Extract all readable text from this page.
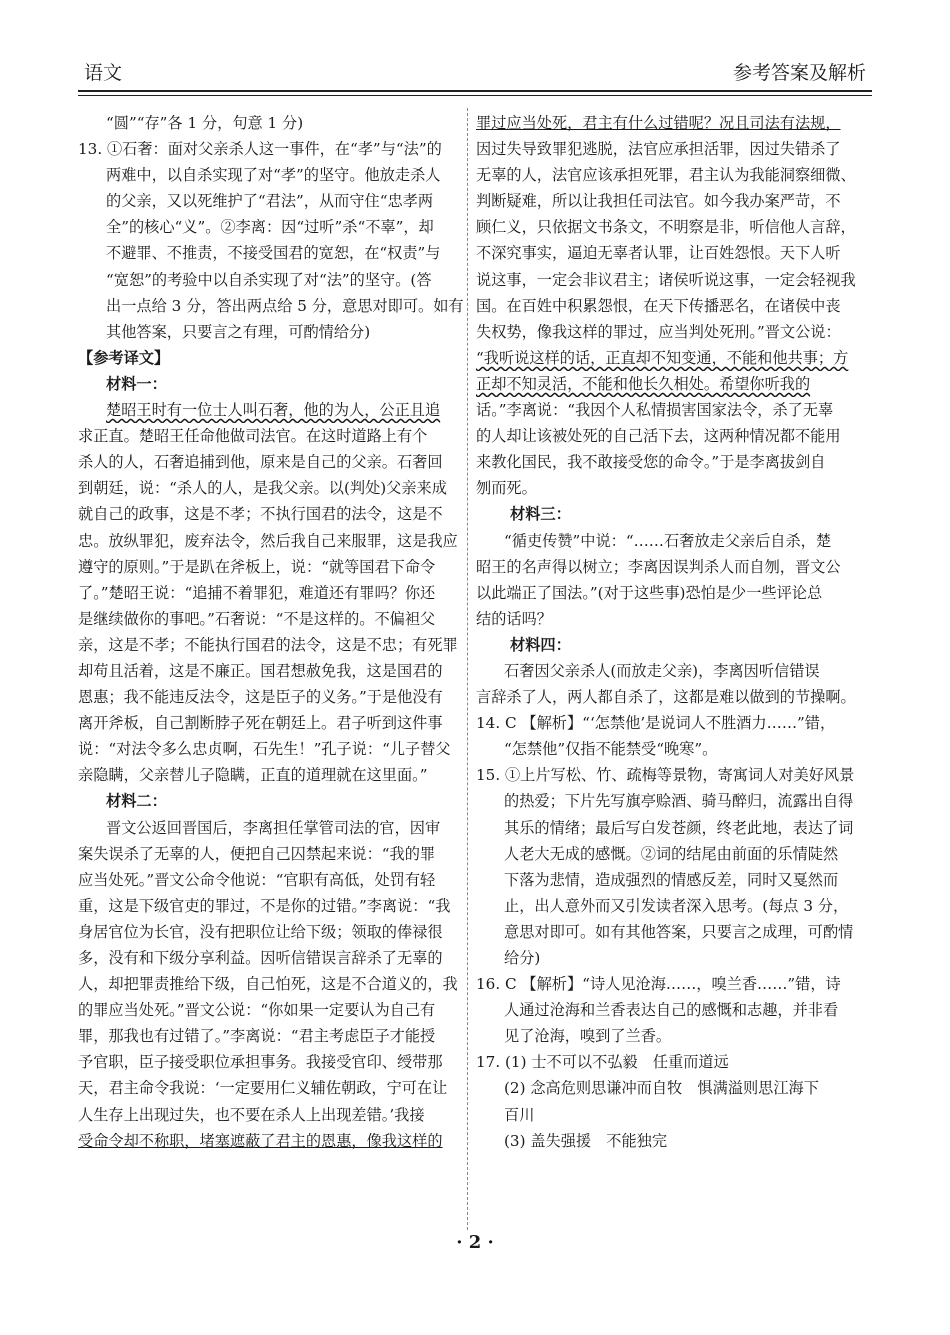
语文	参考答案及解析
“圆”“存”各 1 分，句意 1 分)
13. ①石奢：面对父亲杀人这一事件，在“孝”与“法”的
两难中，以自杀实现了对“孝”的坚守。他放走杀人
的父亲，又以死维护了“君法”，从而守住“忠孝两
全”的核心“义”。②李离：因“过听”杀“不辜”，却
不避罪、不推责，不接受国君的宽恕，在“权责”与
“宽恕”的考验中以自杀实现了对“法”的坚守。(答
出一点给 3 分，答出两点给 5 分，意思对即可。如有
其他答案，只要言之有理，可酌情给分)
【参考译文】
材料一：
楚昭王时有一位士人叫石奢，他的为人，公正且追
求正直。楚昭王任命他做司法官。在这时道路上有个
杀人的人，石奢追捕到他，原来是自己的父亲。石奢回
到朝廷，说：“杀人的人，是我父亲。以(判处)父亲来成
就自己的政事，这是不孝；不执行国君的法令，这是不
忠。放纵罪犯，废弃法令，然后我自己来服罪，这是我应
遵守的原则。”于是趴在斧板上，说：“就等国君下命令
了。”楚昭王说：“追捕不着罪犯，难道还有罪吗？你还
是继续做你的事吧。”石奢说：“不是这样的。不偏袒父
亲，这是不孝；不能执行国君的法令，这是不忠；有死罪
却苟且活着，这是不廉正。国君想赦免我，这是国君的
恩惠；我不能违反法令，这是臣子的义务。”于是他没有
离开斧板，自己割断脖子死在朝廷上。君子听到这件事
说：“对法令多么忠贞啊，石先生！”孔子说：“儿子替父
亲隐瞒，父亲替儿子隐瞒，正直的道理就在这里面。”
材料二：
晋文公返回晋国后，李离担任掌管司法的官，因审
案失误杀了无辜的人，便把自己囚禁起来说：“我的罪
应当处死。”晋文公命令他说：“官职有高低，处罚有轻
重，这是下级官吏的罪过，不是你的过错。”李离说：“我
身居官位为长官，没有把职位让给下级；领取的俸禄很
多，没有和下级分享利益。因听信错误言辞杀了无辜的
人，却把罪责推给下级，自己怕死，这是不合道义的，我
的罪应当处死。”晋文公说：“你如果一定要认为自己有
罪，那我也有过错了。”李离说：“君主考虑臣子才能授
予官职，臣子接受职位承担事务。我接受官印、绶带那
天，君主命令我说：‘一定要用仁义辅佐朝政，宁可在让
人生存上出现过失，也不要在杀人上出现差错。’我接
受命令却不称职，堵塞遮蔽了君主的恩惠，像我这样的
罪过应当处死，君主有什么过错呢？况且司法有法规，
因过失导致罪犯逃脱，法官应承担活罪，因过失错杀了
无辜的人，法官应该承担死罪，君主认为我能洞察细微、
判断疑难，所以让我担任司法官。如今我办案严苛，不
顾仁义，只依据文书条文，不明察是非，听信他人言辞，
不深究事实，逼迫无辜者认罪，让百姓怨恨。天下人听
说这事，一定会非议君主；诸侯听说这事，一定会轻视我
国。在百姓中积累怨恨，在天下传播恶名，在诸侯中丧
失权势，像我这样的罪过，应当判处死刑。”晋文公说：
“我听说这样的话，正直却不知变通，不能和他共事；方
正却不知灵活，不能和他长久相处。希望你听我的
话。”李离说：“我因个人私情损害国家法令，杀了无辜
的人却让该被处死的自己活下去，这两种情况都不能用
来教化国民，我不敢接受您的命令。”于是李离拔剑自
刎而死。
材料三：
“循吏传赞”中说：“……石奢放走父亲后自杀，楚
昭王的名声得以树立；李离因误判杀人而自刎，晋文公
以此端正了国法。”(对于这些事)恐怕是少一些评论总
结的话吗？
材料四：
石奢因父亲杀人(而放走父亲)，李离因听信错误
言辞杀了人，两人都自杀了，这都是难以做到的节操啊。
14. C 【解析】“‘怎禁他’是说词人不胜酒力……”错，
“怎禁他”仅指不能禁受“晚寒”。
15. ①上片写松、竹、疏梅等景物，寄寓词人对美好风景
的热爱；下片先写旗亭赊酒、骑马醉归，流露出自得
其乐的情绪；最后写白发苍颜，终老此地，表达了词
人老大无成的感慨。②词的结尾由前面的乐情陡然
下落为悲情，造成强烈的情感反差，同时又戛然而
止，出人意外而又引发读者深入思考。(每点 3 分，
意思对即可。如有其他答案，只要言之成理，可酌情
给分)
16. C 【解析】“诗人见沧海……，嗅兰香……”错，诗
人通过沧海和兰香表达自己的感慨和志趣，并非看
见了沧海，嗅到了兰香。
17. (1) 士不可以不弘毅　任重而道远
(2) 念高危则思谦冲而自牧　惧满溢则思江海下
百川
(3) 盖失强援　不能独完
· 2 ·
